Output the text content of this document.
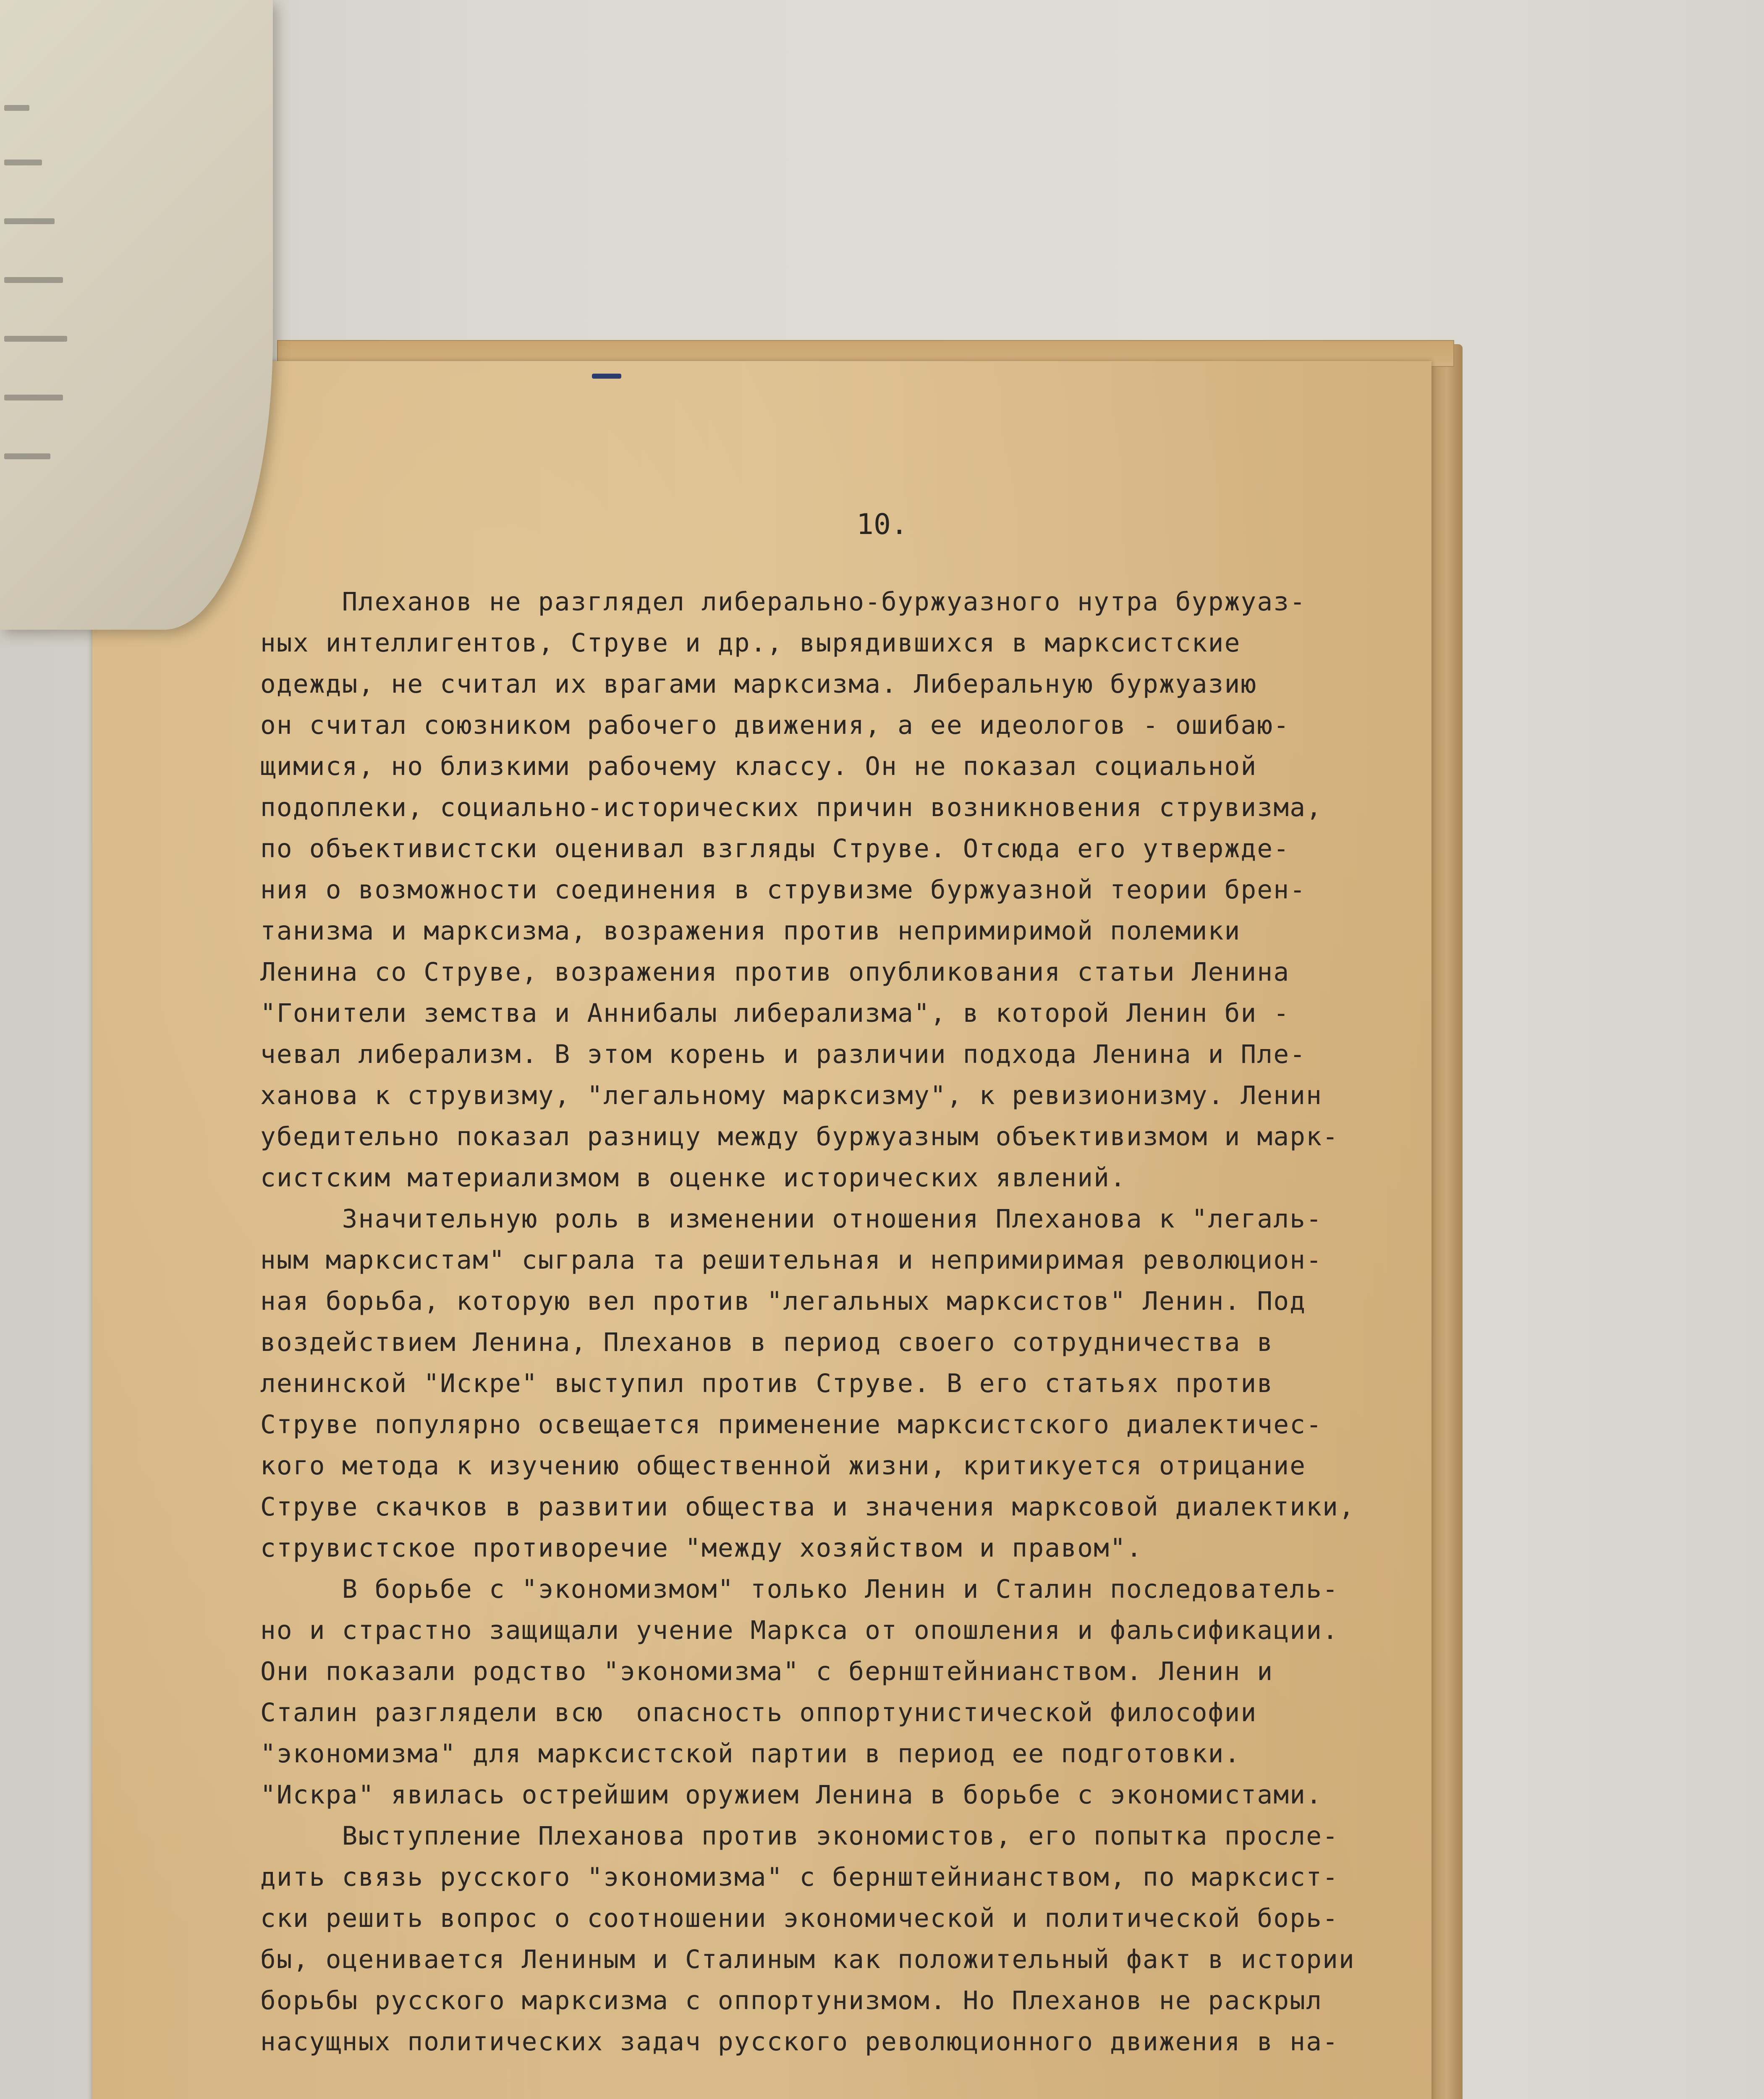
10.
Плеханов не разглядел либерально-буржуазного нутра буржуаз-
ных интеллигентов, Струве и др., вырядившихся в марксистские
одежды, не считал их врагами марксизма. Либеральную буржуазию
он считал союзником рабочего движения, а ее идеологов - ошибаю-
щимися, но близкими рабочему классу. Он не показал социальной
подоплеки, социально-исторических причин возникновения струвизма,
по объективистски оценивал взгляды Струве. Отсюда его утвержде-
ния о возможности соединения в струвизме буржуазной теории брен-
танизма и марксизма, возражения против непримиримой полемики
Ленина со Струве, возражения против опубликования статьи Ленина
"Гонители земства и Аннибалы либерализма", в которой Ленин би -
чевал либерализм. В этом корень и различии подхода Ленина и Пле-
ханова к струвизму, "легальному марксизму", к ревизионизму. Ленин
убедительно показал разницу между буржуазным объективизмом и марк-
систским материализмом в оценке исторических явлений.
Значительную роль в изменении отношения Плеханова к "легаль-
ным марксистам" сыграла та решительная и непримиримая революцион-
ная борьба, которую вел против "легальных марксистов" Ленин. Под
воздействием Ленина, Плеханов в период своего сотрудничества в
ленинской "Искре" выступил против Струве. В его статьях против
Струве популярно освещается применение марксистского диалектичес-
кого метода к изучению общественной жизни, критикуется отрицание
Струве скачков в развитии общества и значения марксовой диалектики,
струвистское противоречие "между хозяйством и правом".
В борьбе с "экономизмом" только Ленин и Сталин последователь-
но и страстно защищали учение Маркса от опошления и фальсификации.
Они показали родство "экономизма" с бернштейнианством. Ленин и
Сталин разглядели всю  опасность оппортунистической философии
"экономизма" для марксистской партии в период ее подготовки.
"Искра" явилась острейшим оружием Ленина в борьбе с экономистами.
Выступление Плеханова против экономистов, его попытка просле-
дить связь русского "экономизма" с бернштейнианством, по марксист-
ски решить вопрос о соотношении экономической и политической борь-
бы, оценивается Лениным и Сталиным как положительный факт в истории
борьбы русского марксизма с оппортунизмом. Но Плеханов не раскрыл
насущных политических задач русского революционного движения в на-
